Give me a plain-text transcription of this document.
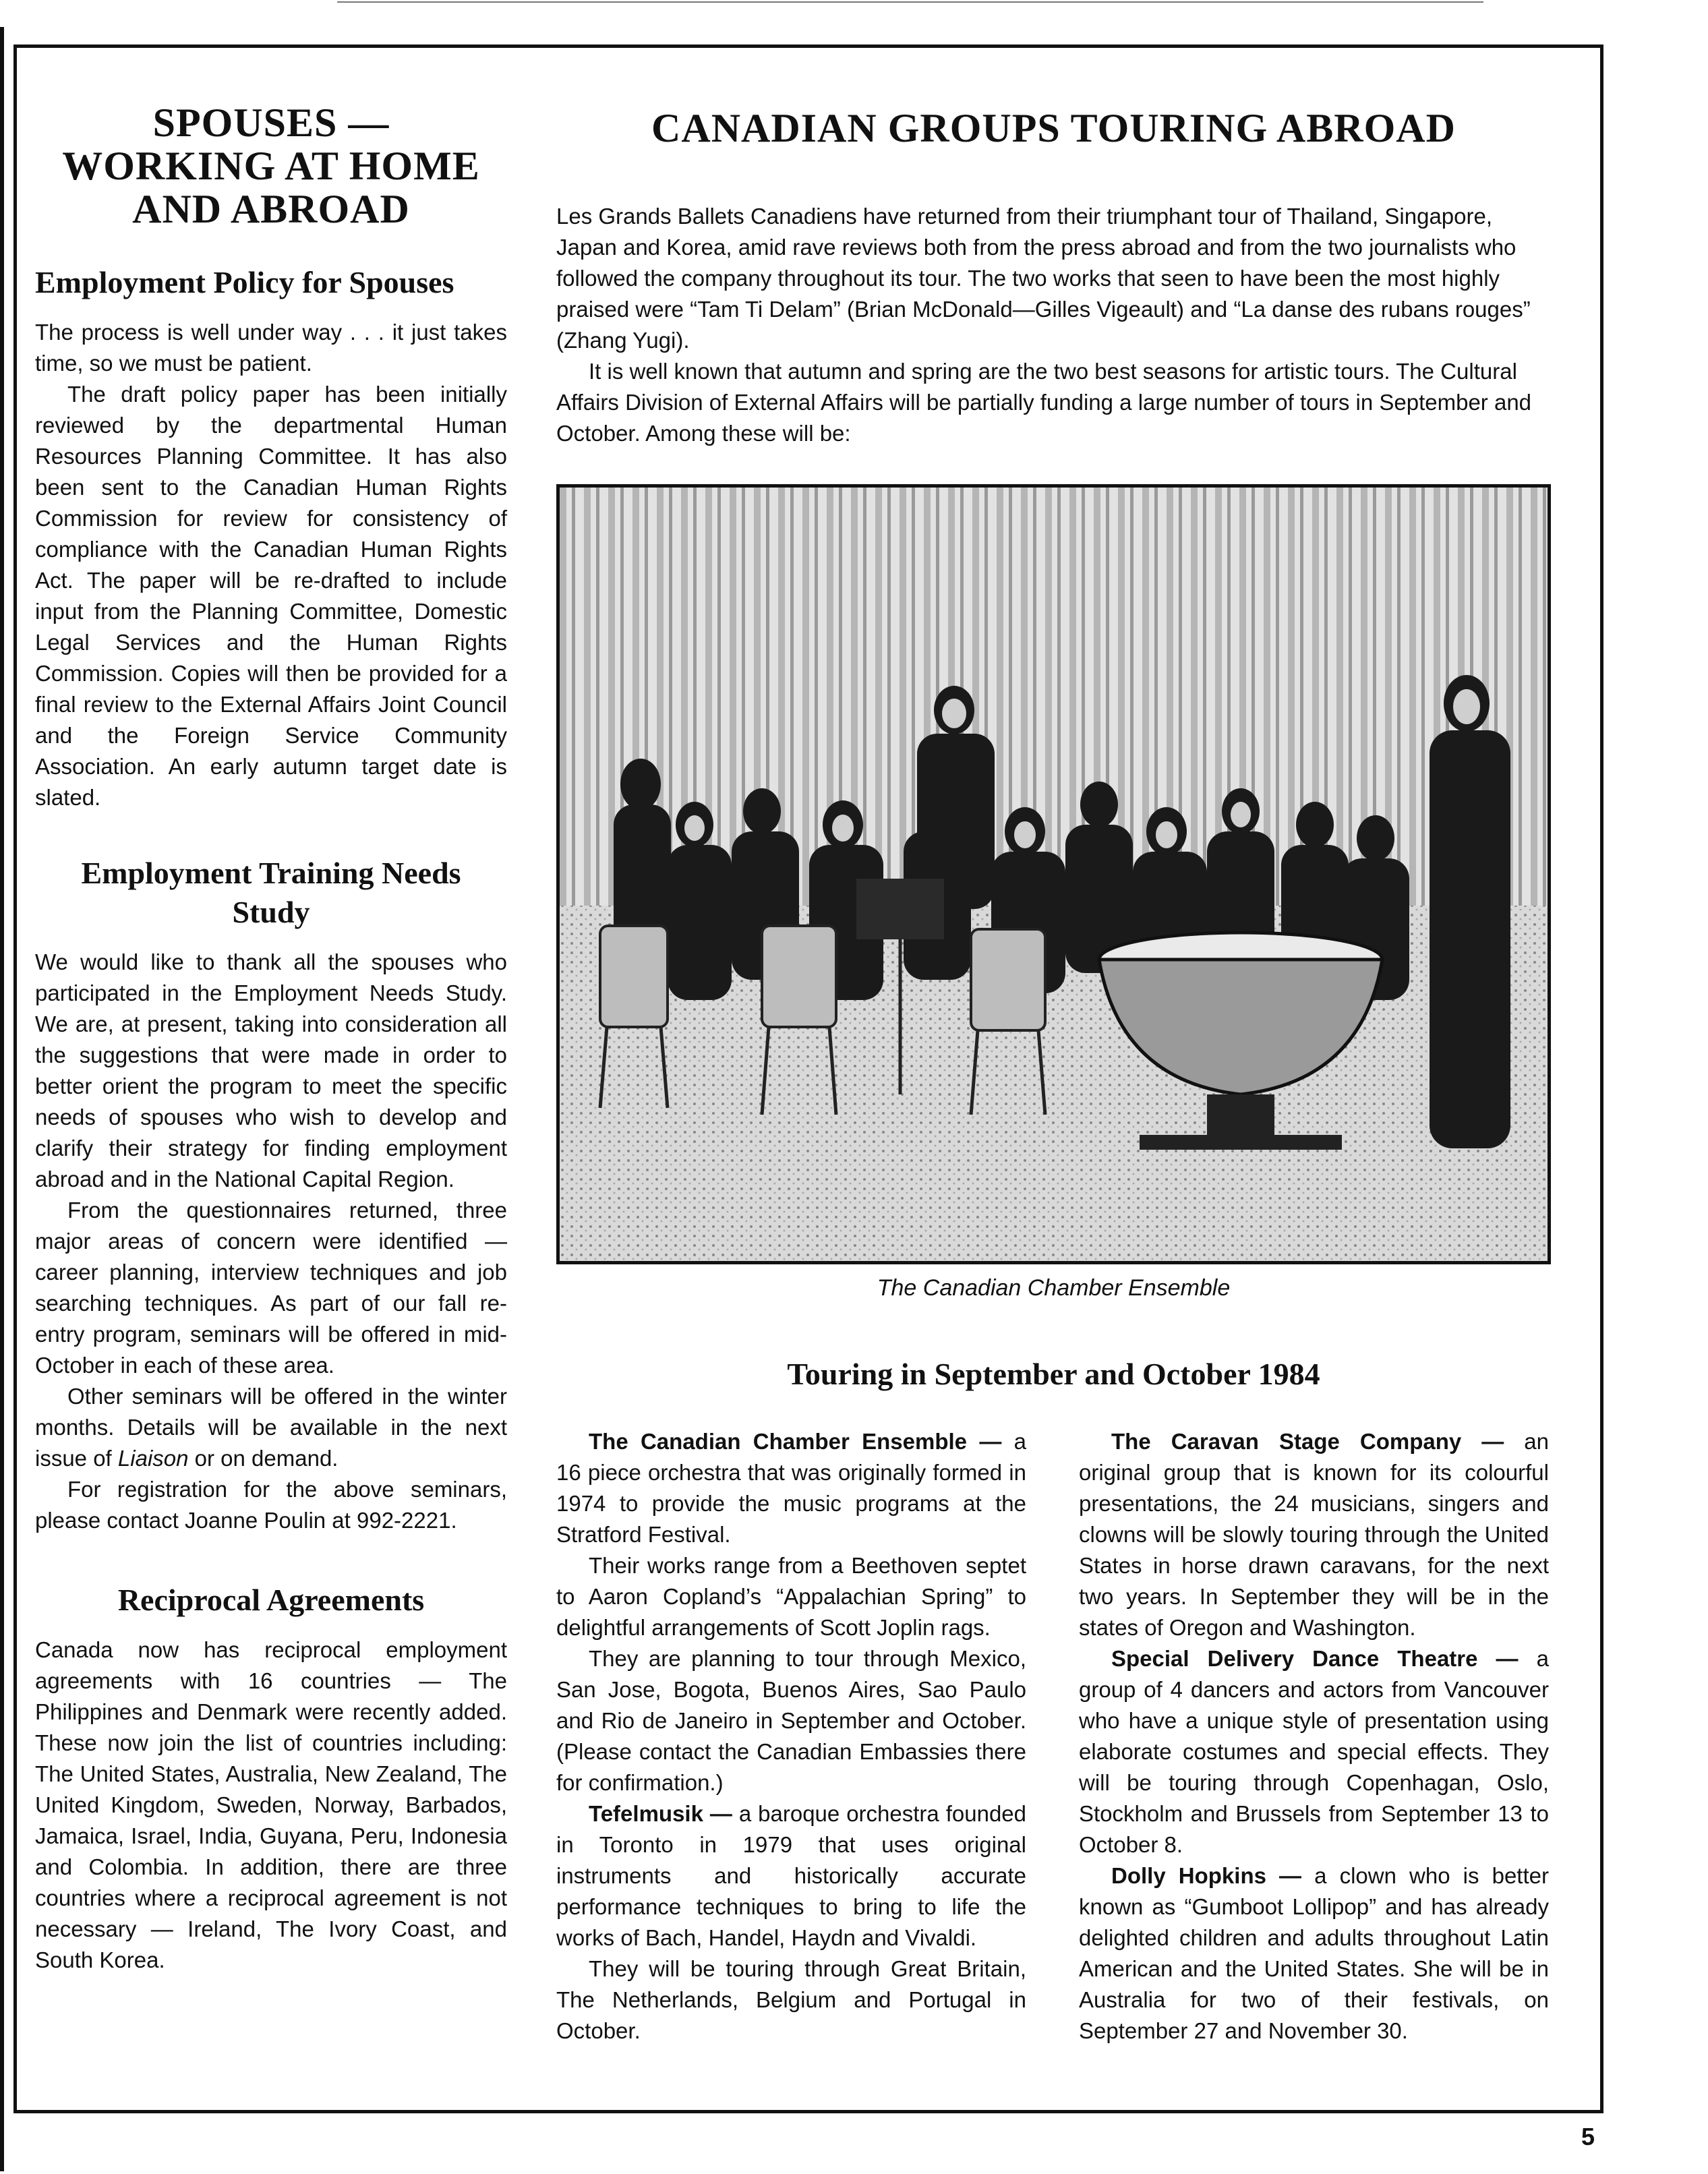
SPOUSES — WORKING AT HOME AND ABROAD
Employment Policy for Spouses

The process is well under way . . . it just takes time, so we must be patient.

The draft policy paper has been initially reviewed by the departmental Human Resources Planning Committee. It has also been sent to the Canadian Human Rights Commission for review for consistency of compliance with the Canadian Human Rights Act. The paper will be re-drafted to include input from the Planning Committee, Domestic Legal Services and the Human Rights Commission. Copies will then be provided for a final review to the External Affairs Joint Council and the Foreign Service Community Association. An early autumn target date is slated.

Employment Training Needs Study

We would like to thank all the spouses who participated in the Employment Needs Study. We are, at present, taking into consideration all the suggestions that were made in order to better orient the program to meet the specific needs of spouses who wish to develop and clarify their strategy for finding employment abroad and in the National Capital Region.

From the questionnaires returned, three major areas of concern were identified — career planning, interview techniques and job searching techniques. As part of our fall re-entry program, seminars will be offered in mid-October in each of these area.

Other seminars will be offered in the winter months. Details will be available in the next issue of Liaison or on demand.

For registration for the above seminars, please contact Joanne Poulin at 992-2221.

Reciprocal Agreements

Canada now has reciprocal employment agreements with 16 countries — The Philippines and Denmark were recently added. These now join the list of countries including: The United States, Australia, New Zealand, The United Kingdom, Sweden, Norway, Barbados, Jamaica, Israel, India, Guyana, Peru, Indonesia and Colombia. In addition, there are three countries where a reciprocal agreement is not necessary — Ireland, The Ivory Coast, and South Korea.

CANADIAN GROUPS TOURING ABROAD

Les Grands Ballets Canadiens have returned from their triumphant tour of Thailand, Singapore, Japan and Korea, amid rave reviews both from the press abroad and from the two journalists who followed the company throughout its tour. The two works that seen to have been the most highly praised were “Tam Ti Delam” (Brian McDonald—Gilles Vigeault) and “La danse des rubans rouges” (Zhang Yugi).

It is well known that autumn and spring are the two best seasons for artistic tours. The Cultural Affairs Division of External Affairs will be partially funding a large number of tours in September and October. Among these will be:

The Canadian Chamber Ensemble
Touring in September and October 1984

The Canadian Chamber Ensemble — a 16 piece orchestra that was originally formed in 1974 to provide the music programs at the Stratford Festival.

Their works range from a Beethoven septet to Aaron Copland’s “Appalachian Spring” to delightful arrangements of Scott Joplin rags.

They are planning to tour through Mexico, San Jose, Bogota, Buenos Aires, Sao Paulo and Rio de Janeiro in September and October. (Please contact the Canadian Embassies there for confirmation.)

Tefelmusik — a baroque orchestra founded in Toronto in 1979 that uses original instruments and historically accurate performance techniques to bring to life the works of Bach, Handel, Haydn and Vivaldi.

They will be touring through Great Britain, The Netherlands, Belgium and Portugal in October.

The Caravan Stage Company — an original group that is known for its colourful presentations, the 24 musicians, singers and clowns will be slowly touring through the United States in horse drawn caravans, for the next two years. In September they will be in the states of Oregon and Washington.

Special Delivery Dance Theatre — a group of 4 dancers and actors from Vancouver who have a unique style of presentation using elaborate costumes and special effects. They will be touring through Copenhagan, Oslo, Stockholm and Brussels from September 13 to October 8.

Dolly Hopkins — a clown who is better known as “Gumboot Lollipop” and has already delighted children and adults throughout Latin American and the United States. She will be in Australia for two of their festivals, on September 27 and November 30.

5
